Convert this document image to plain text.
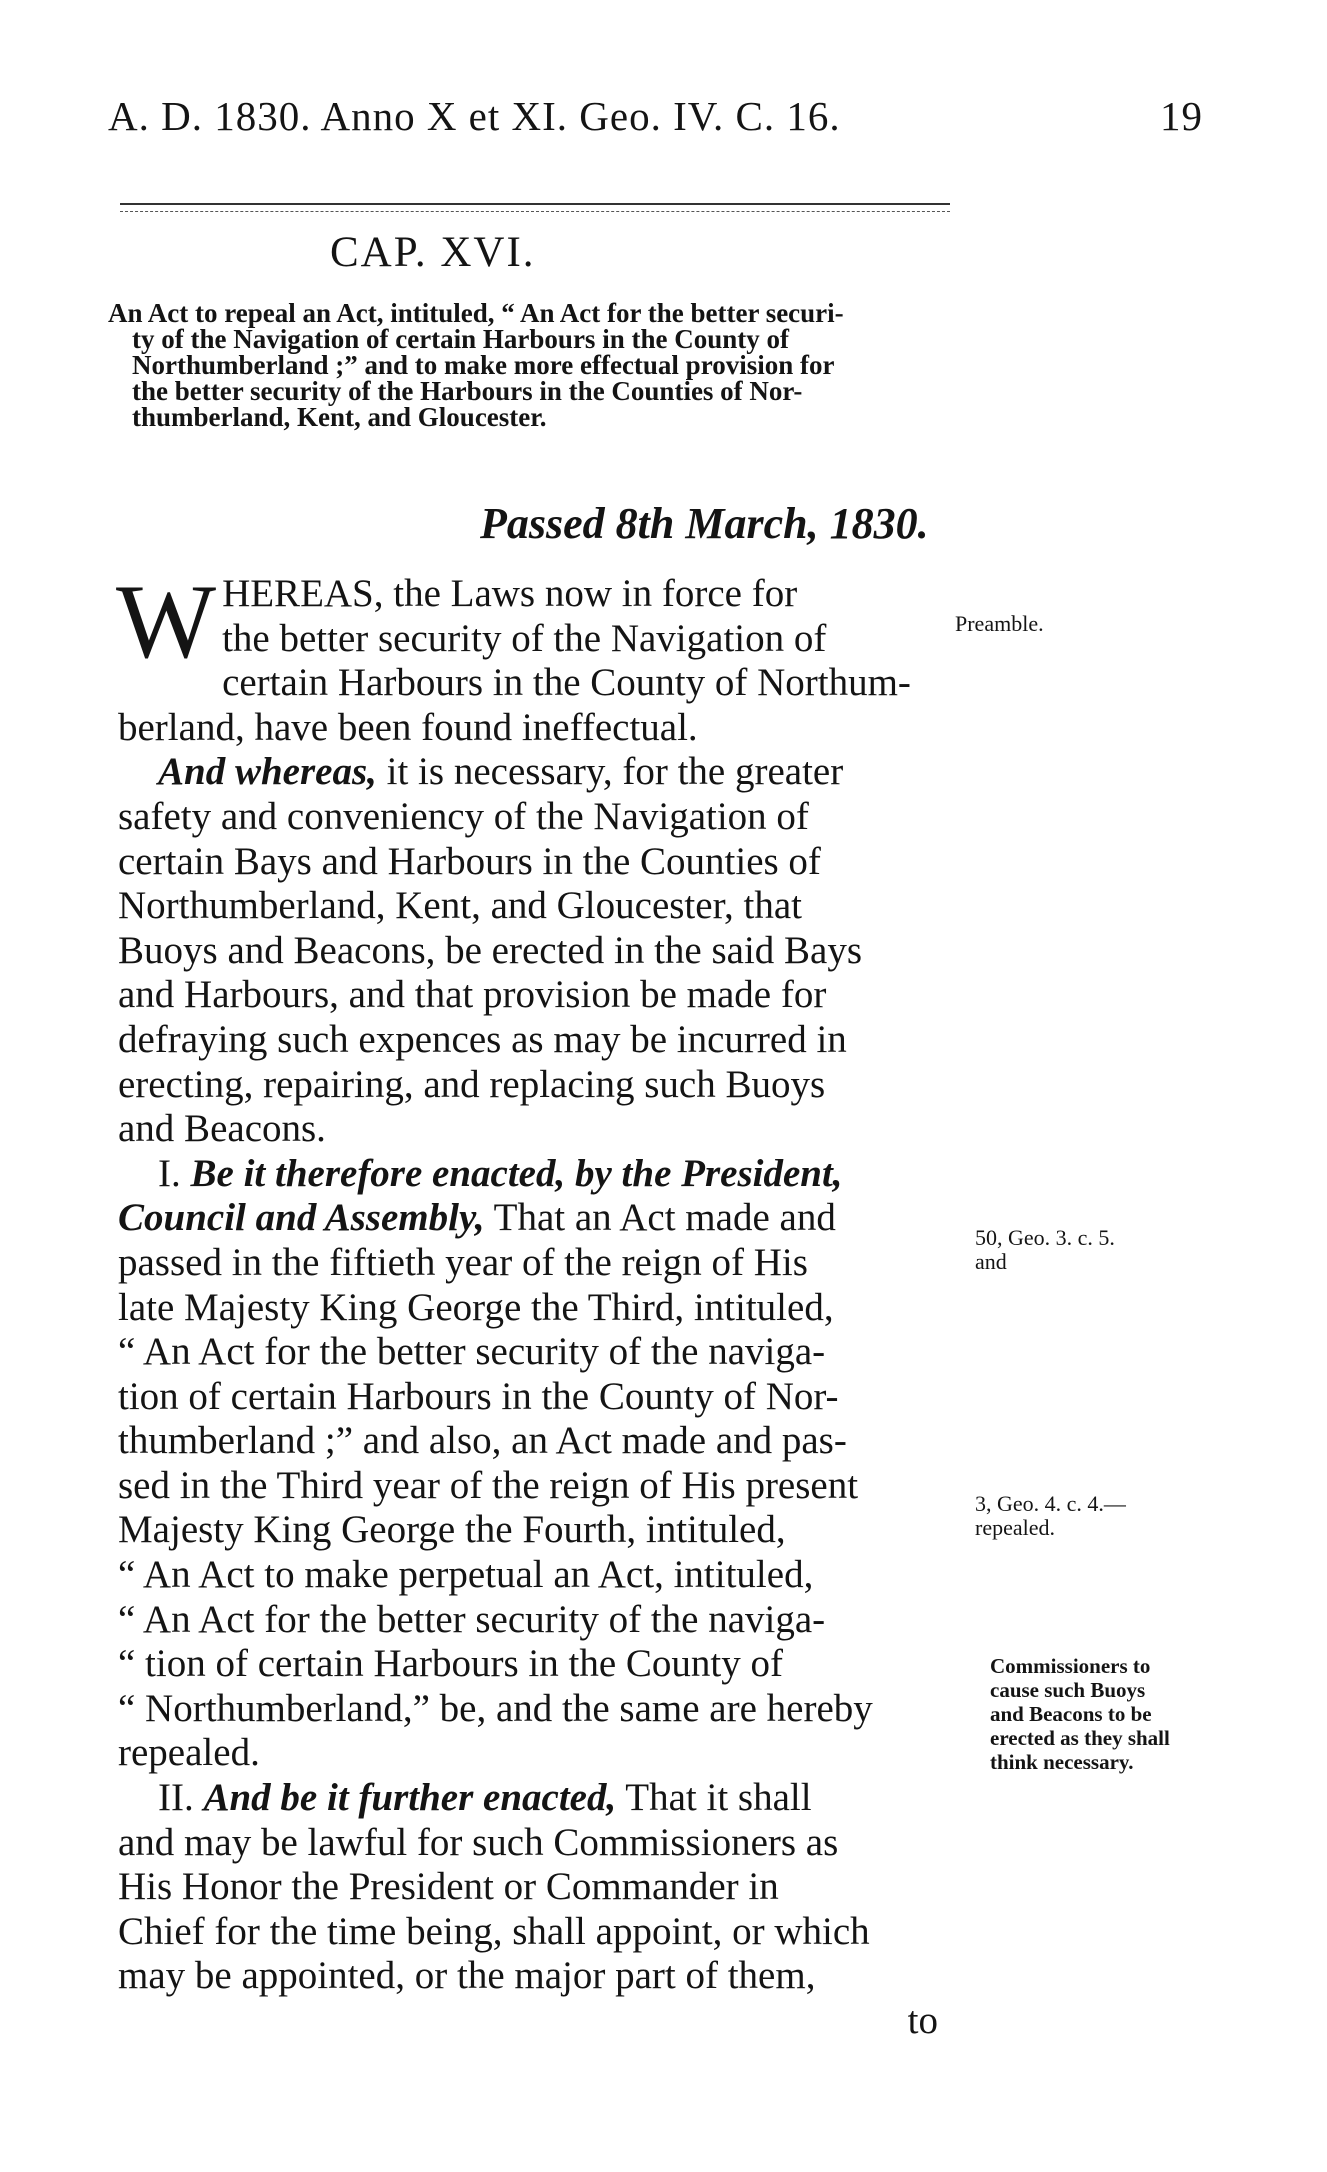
A. D. 1830. Anno X et XI. Geo. IV. C. 16.	19
CAP. XVI.
An Act to repeal an Act, intituled, “ An Act for the better securi-
ty of the Navigation of certain Harbours in the County of
Northumberland ;” and to make more effectual provision for
the better security of the Harbours in the Counties of Nor-
thumberland, Kent, and Gloucester.
Passed 8th March, 1830.
W HEREAS, the Laws now in force for
the better security of the Navigation of
certain Harbours in the County of Northum-
berland, have been found ineffectual.
And whereas, it is necessary, for the greater
safety and conveniency of the Navigation of
certain Bays and Harbours in the Counties of
Northumberland, Kent, and Gloucester, that
Buoys and Beacons, be erected in the said Bays
and Harbours, and that provision be made for
defraying such expences as may be incurred in
erecting, repairing, and replacing such Buoys
and Beacons.
I. Be it therefore enacted, by the President,
Council and Assembly, That an Act made and
passed in the fiftieth year of the reign of His
late Majesty King George the Third, intituled,
“ An Act for the better security of the naviga-
tion of certain Harbours in the County of Nor-
thumberland ;” and also, an Act made and pas-
sed in the Third year of the reign of His present
Majesty King George the Fourth, intituled,
“ An Act to make perpetual an Act, intituled,
“ An Act for the better security of the naviga-
“ tion of certain Harbours in the County of
“ Northumberland,” be, and the same are hereby
repealed.
II. And be it further enacted, That it shall
and may be lawful for such Commissioners as
His Honor the President or Commander in
Chief for the time being, shall appoint, or which
may be appointed, or the major part of them,
to
Preamble.
50, Geo. 3. c. 5.
and
3, Geo. 4. c. 4.—
repealed.
Commissioners to
cause such Buoys
and Beacons to be
erected as they shall
think necessary.
